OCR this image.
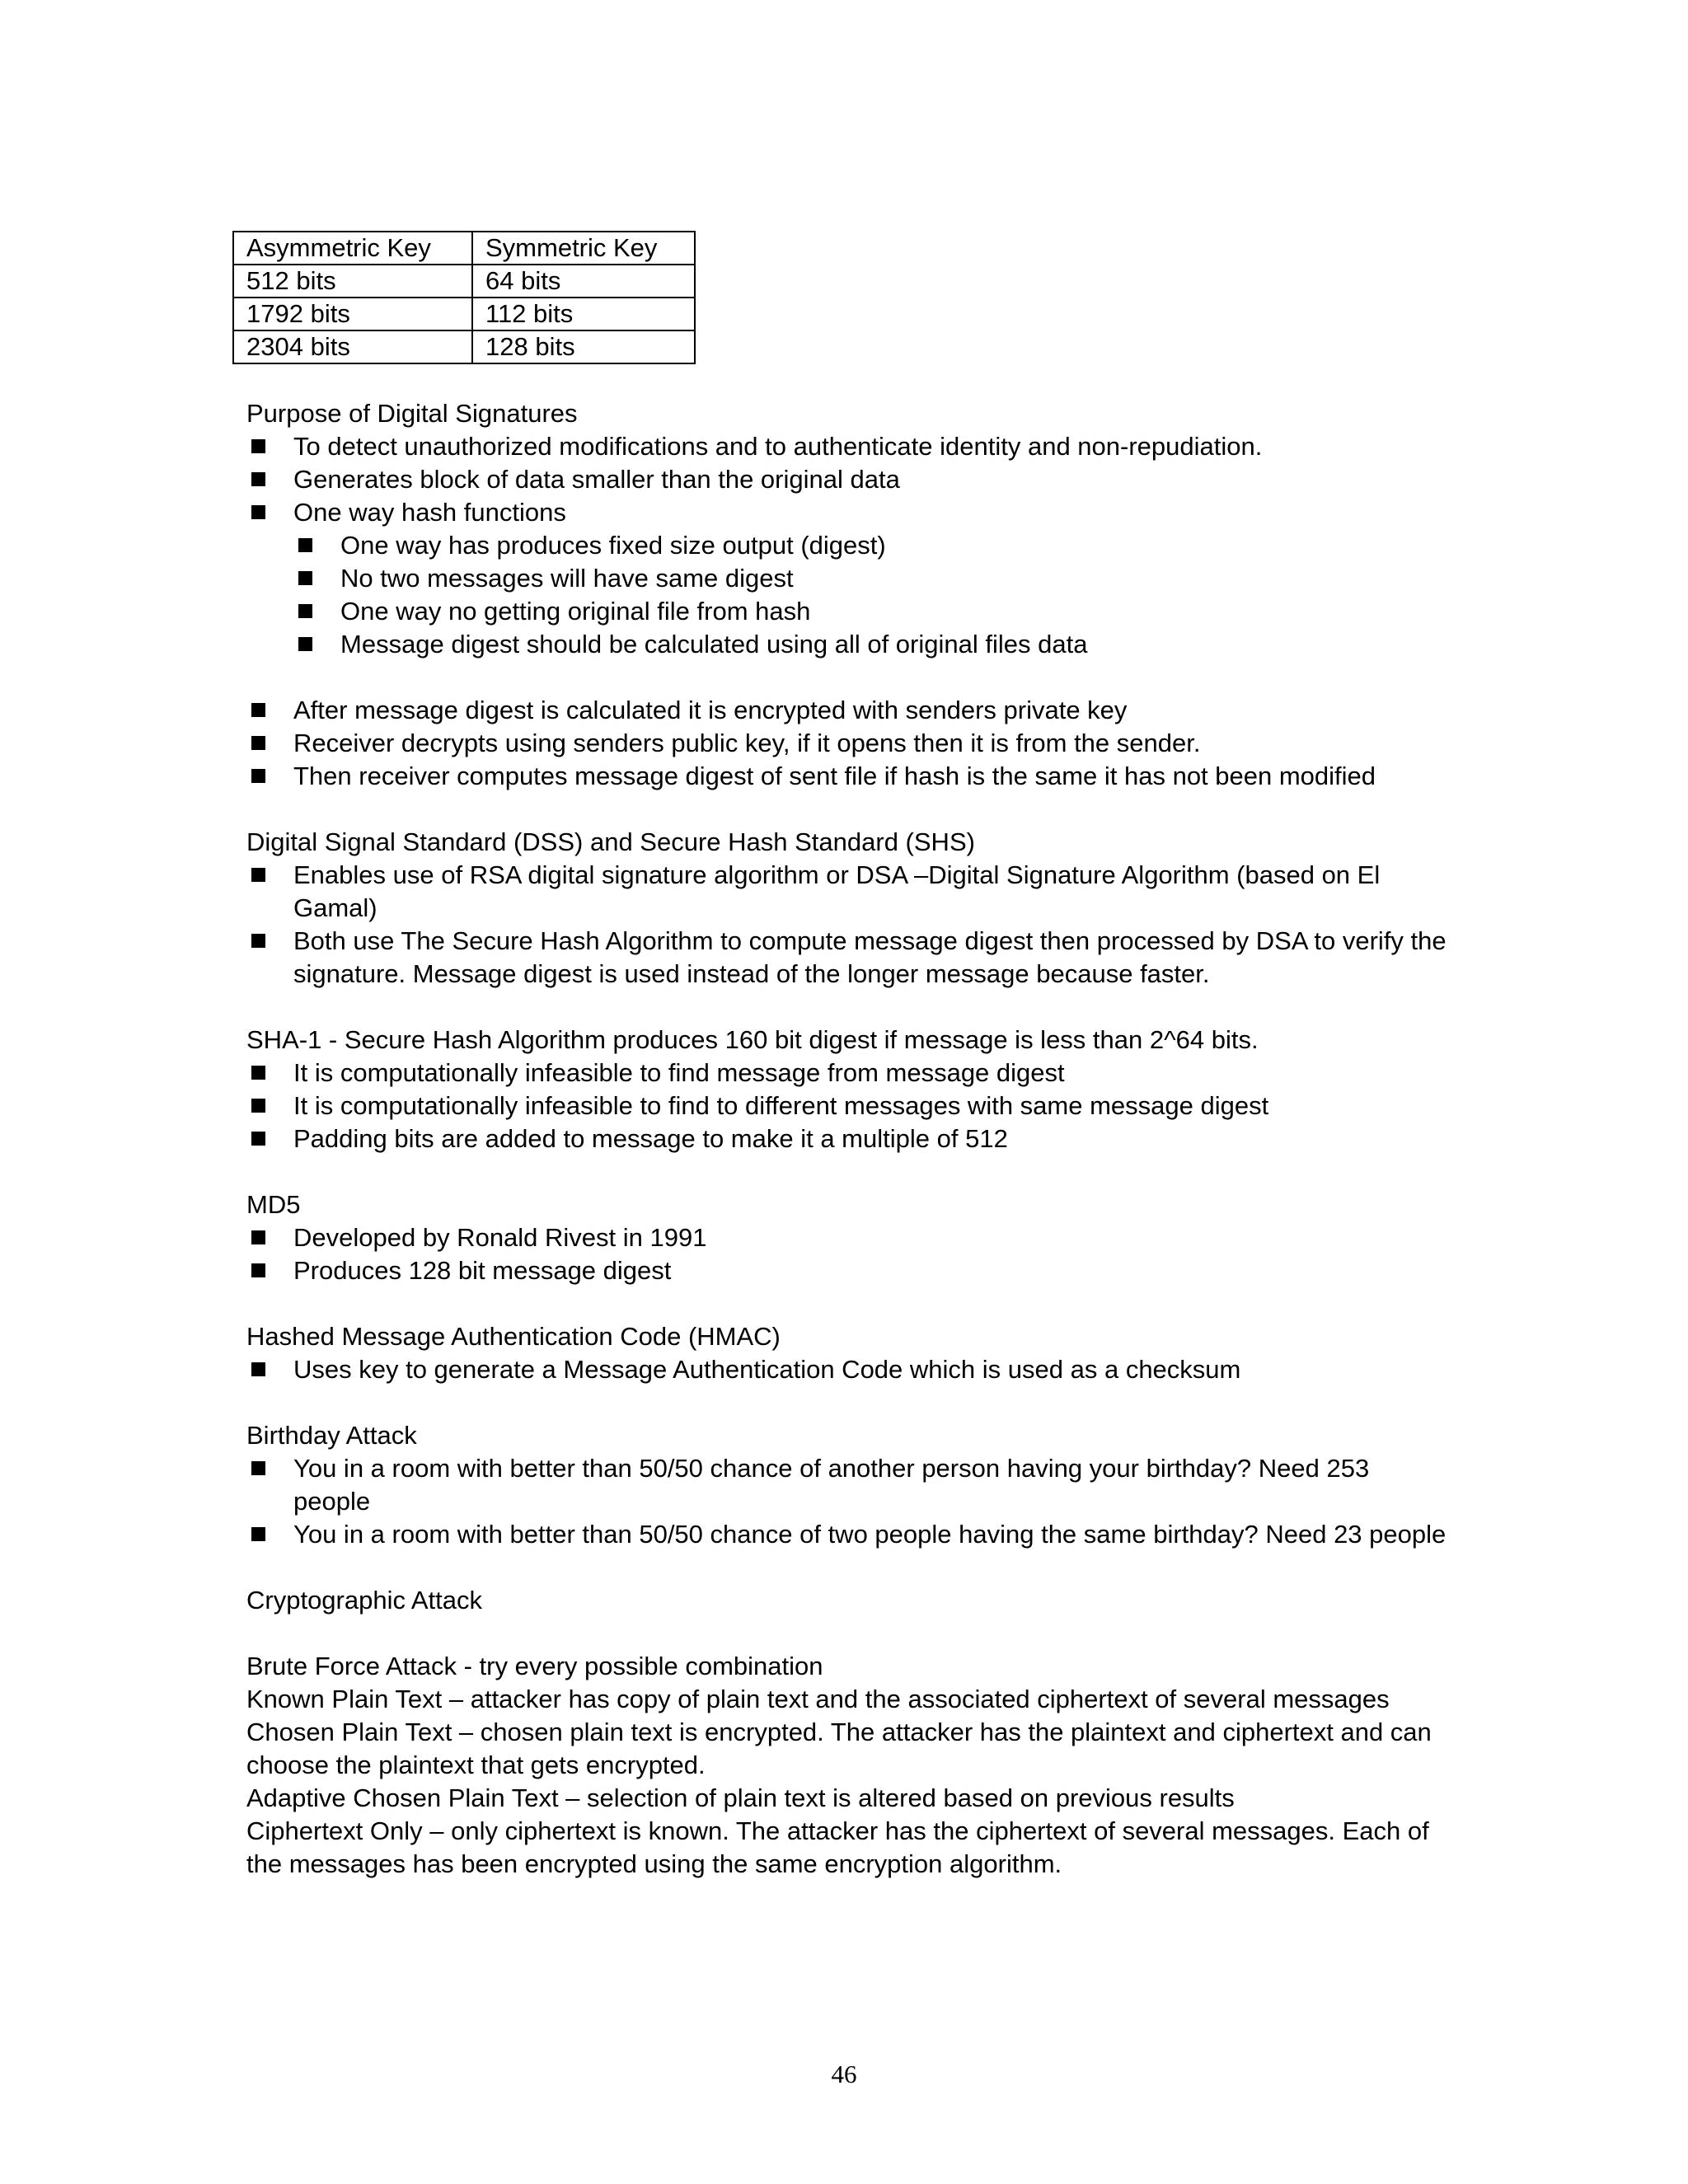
Asymmetric Key	Symmetric Key
512 bits	64 bits
1792 bits	112 bits
2304 bits	128 bits

Purpose of Digital Signatures

To detect unauthorized modifications and to authenticate identity and non-repudiation.
Generates block of data smaller than the original data
One way hash functions
One way has produces fixed size output (digest)
No two messages will have same digest
One way no getting original file from hash
Message digest should be calculated using all of original files data
After message digest is calculated it is encrypted with senders private key
Receiver decrypts using senders public key, if it opens then it is from the sender.
Then receiver computes message digest of sent file if hash is the same it has not been modified

Digital Signal Standard (DSS) and Secure Hash Standard (SHS)

Enables use of RSA digital signature algorithm or DSA –Digital Signature Algorithm (based on El Gamal)
Both use The Secure Hash Algorithm to compute message digest then processed by DSA to verify the signature. Message digest is used instead of the longer message because faster.

SHA-1 - Secure Hash Algorithm produces 160 bit digest if message is less than 2^64 bits.

It is computationally infeasible to find message from message digest
It is computationally infeasible to find to different messages with same message digest
Padding bits are added to message to make it a multiple of 512

MD5

Developed by Ronald Rivest in 1991
Produces 128 bit message digest

Hashed Message Authentication Code (HMAC)

Uses key to generate a Message Authentication Code which is used as a checksum

Birthday Attack

You in a room with better than 50/50 chance of another person having your birthday? Need 253 people
You in a room with better than 50/50 chance of two people having the same birthday? Need 23 people

Cryptographic Attack

Brute Force Attack - try every possible combination

Known Plain Text – attacker has copy of plain text and the associated ciphertext of several messages

Chosen Plain Text – chosen plain text is encrypted. The attacker has the plaintext and ciphertext and can choose the plaintext that gets encrypted.

Adaptive Chosen Plain Text – selection of plain text is altered based on previous results

Ciphertext Only – only ciphertext is known. The attacker has the ciphertext of several messages. Each of the messages has been encrypted using the same encryption algorithm.

46
